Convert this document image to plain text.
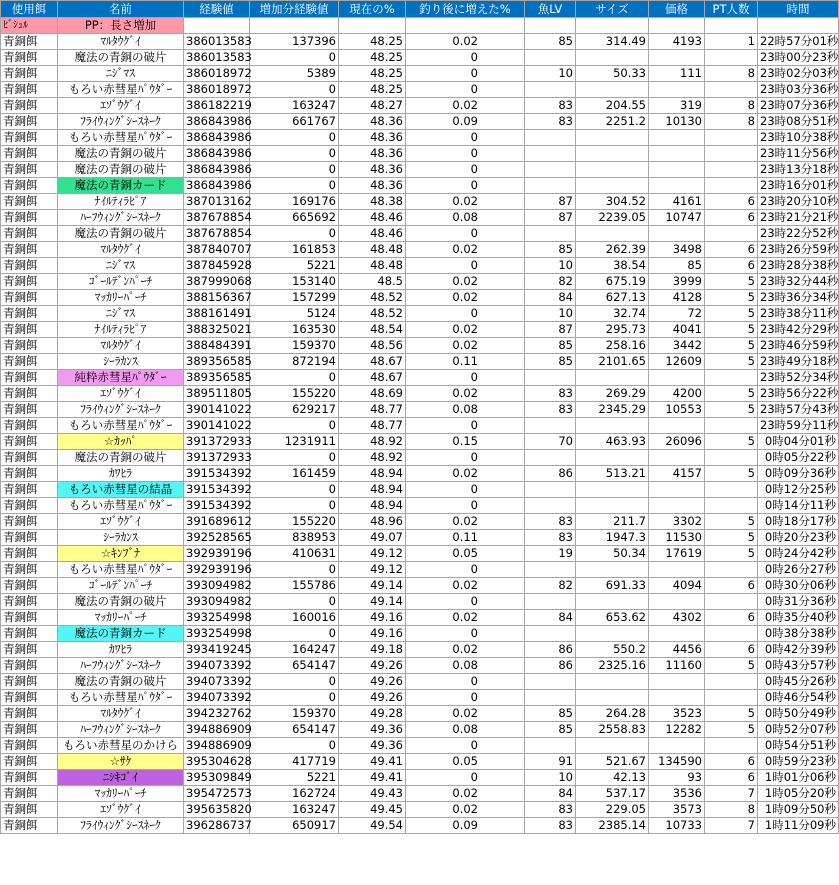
使用餌	名前	経験値	増加分経験値	現在の%	釣り後に増えた%	魚LV	サイズ	価格	PT人数	時間
ﾋﾞｼｭﾙ	PP：長さ増加									
青銅餌	ﾏﾙﾀｳｸﾞｲ	386013583	137396	48.25	0.02	85	314.49	4193	1	22時57分01秒
青銅餌	魔法の青銅の破片	386013583	0	48.25	0					23時00分23秒
青銅餌	ﾆｼﾞﾏｽ	386018972	5389	48.25	0	10	50.33	111	8	23時02分03秒
青銅餌	もろい赤彗星ﾊﾟｳﾀﾞｰ	386018972	0	48.25	0					23時03分36秒
青銅餌	ｴｿﾞｳｸﾞｲ	386182219	163247	48.27	0.02	83	204.55	319	8	23時07分36秒
青銅餌	ﾌﾗｲｳｨﾝｸﾞｼｰｽﾈｰｸ	386843986	661767	48.36	0.09	83	2251.2	10130	8	23時08分51秒
青銅餌	もろい赤彗星ﾊﾟｳﾀﾞｰ	386843986	0	48.36	0					23時10分38秒
青銅餌	魔法の青銅の破片	386843986	0	48.36	0					23時11分56秒
青銅餌	魔法の青銅の破片	386843986	0	48.36	0					23時13分18秒
青銅餌	魔法の青銅カード	386843986	0	48.36	0					23時16分01秒
青銅餌	ﾅｲﾙﾃｨﾗﾋﾟｱ	387013162	169176	48.38	0.02	87	304.52	4161	6	23時20分10秒
青銅餌	ﾊｰﾌｳｨﾝｸﾞｼｰｽﾈｰｸ	387678854	665692	48.46	0.08	87	2239.05	10747	6	23時21分21秒
青銅餌	魔法の青銅の破片	387678854	0	48.46	0					23時22分52秒
青銅餌	ﾏﾙﾀｳｸﾞｲ	387840707	161853	48.48	0.02	85	262.39	3498	6	23時26分59秒
青銅餌	ﾆｼﾞﾏｽ	387845928	5221	48.48	0	10	38.54	85	6	23時28分38秒
青銅餌	ｺﾞｰﾙﾃﾞﾝﾊﾟｰﾁ	387999068	153140	48.5	0.02	82	675.19	3999	5	23時32分44秒
青銅餌	ﾏｯｶﾘｰﾊﾟｰﾁ	388156367	157299	48.52	0.02	84	627.13	4128	5	23時36分34秒
青銅餌	ﾆｼﾞﾏｽ	388161491	5124	48.52	0	10	32.74	72	5	23時38分11秒
青銅餌	ﾅｲﾙﾃｨﾗﾋﾟｱ	388325021	163530	48.54	0.02	87	295.73	4041	5	23時42分29秒
青銅餌	ﾏﾙﾀｳｸﾞｲ	388484391	159370	48.56	0.02	85	258.16	3442	5	23時46分59秒
青銅餌	ｼｰﾗｶﾝｽ	389356585	872194	48.67	0.11	85	2101.65	12609	5	23時49分18秒
青銅餌	純粋赤彗星ﾊﾟｳﾀﾞｰ	389356585	0	48.67	0					23時52分34秒
青銅餌	ｴｿﾞｳｸﾞｲ	389511805	155220	48.69	0.02	83	269.29	4200	5	23時56分22秒
青銅餌	ﾌﾗｲｳｨﾝｸﾞｼｰｽﾈｰｸ	390141022	629217	48.77	0.08	83	2345.29	10553	5	23時57分43秒
青銅餌	もろい赤彗星ﾊﾟｳﾀﾞｰ	390141022	0	48.77	0					23時59分11秒
青銅餌	☆ｶｯﾊﾟ	391372933	1231911	48.92	0.15	70	463.93	26096	5	0時04分01秒
青銅餌	魔法の青銅の破片	391372933	0	48.92	0					0時05分22秒
青銅餌	ｶﾜﾋﾗ	391534392	161459	48.94	0.02	86	513.21	4157	5	0時09分36秒
青銅餌	もろい赤彗星の結晶	391534392	0	48.94	0					0時12分25秒
青銅餌	もろい赤彗星ﾊﾟｳﾀﾞｰ	391534392	0	48.94	0					0時14分11秒
青銅餌	ｴｿﾞｳｸﾞｲ	391689612	155220	48.96	0.02	83	211.7	3302	5	0時18分17秒
青銅餌	ｼｰﾗｶﾝｽ	392528565	838953	49.07	0.11	83	1947.3	11530	5	0時20分23秒
青銅餌	☆ｷﾝﾌﾞﾅ	392939196	410631	49.12	0.05	19	50.34	17619	5	0時24分42秒
青銅餌	もろい赤彗星ﾊﾟｳﾀﾞｰ	392939196	0	49.12	0					0時26分27秒
青銅餌	ｺﾞｰﾙﾃﾞﾝﾊﾟｰﾁ	393094982	155786	49.14	0.02	82	691.33	4094	6	0時30分06秒
青銅餌	魔法の青銅の破片	393094982	0	49.14	0					0時31分36秒
青銅餌	ﾏｯｶﾘｰﾊﾟｰﾁ	393254998	160016	49.16	0.02	84	653.62	4302	6	0時35分40秒
青銅餌	魔法の青銅カード	393254998	0	49.16	0					0時38分38秒
青銅餌	ｶﾜﾋﾗ	393419245	164247	49.18	0.02	86	550.2	4456	6	0時42分39秒
青銅餌	ﾊｰﾌｳｨﾝｸﾞｼｰｽﾈｰｸ	394073392	654147	49.26	0.08	86	2325.16	11160	5	0時43分57秒
青銅餌	魔法の青銅の破片	394073392	0	49.26	0					0時45分26秒
青銅餌	もろい赤彗星ﾊﾟｳﾀﾞｰ	394073392	0	49.26	0					0時46分54秒
青銅餌	ﾏﾙﾀｳｸﾞｲ	394232762	159370	49.28	0.02	85	264.28	3523	5	0時50分49秒
青銅餌	ﾊｰﾌｳｨﾝｸﾞｼｰｽﾈｰｸ	394886909	654147	49.36	0.08	85	2558.83	12282	5	0時52分07秒
青銅餌	もろい赤彗星のかけら	394886909	0	49.36	0					0時54分51秒
青銅餌	☆ｻｹ	395304628	417719	49.41	0.05	91	521.67	134590	6	0時59分23秒
青銅餌	ﾆｼｷｺﾞｲ	395309849	5221	49.41	0	10	42.13	93	6	1時01分06秒
青銅餌	ﾏｯｶﾘｰﾊﾟｰﾁ	395472573	162724	49.43	0.02	84	537.17	3536	7	1時05分20秒
青銅餌	ｴｿﾞｳｸﾞｲ	395635820	163247	49.45	0.02	83	229.05	3573	8	1時09分50秒
青銅餌	ﾌﾗｲｳｨﾝｸﾞｼｰｽﾈｰｸ	396286737	650917	49.54	0.09	83	2385.14	10733	7	1時11分09秒
